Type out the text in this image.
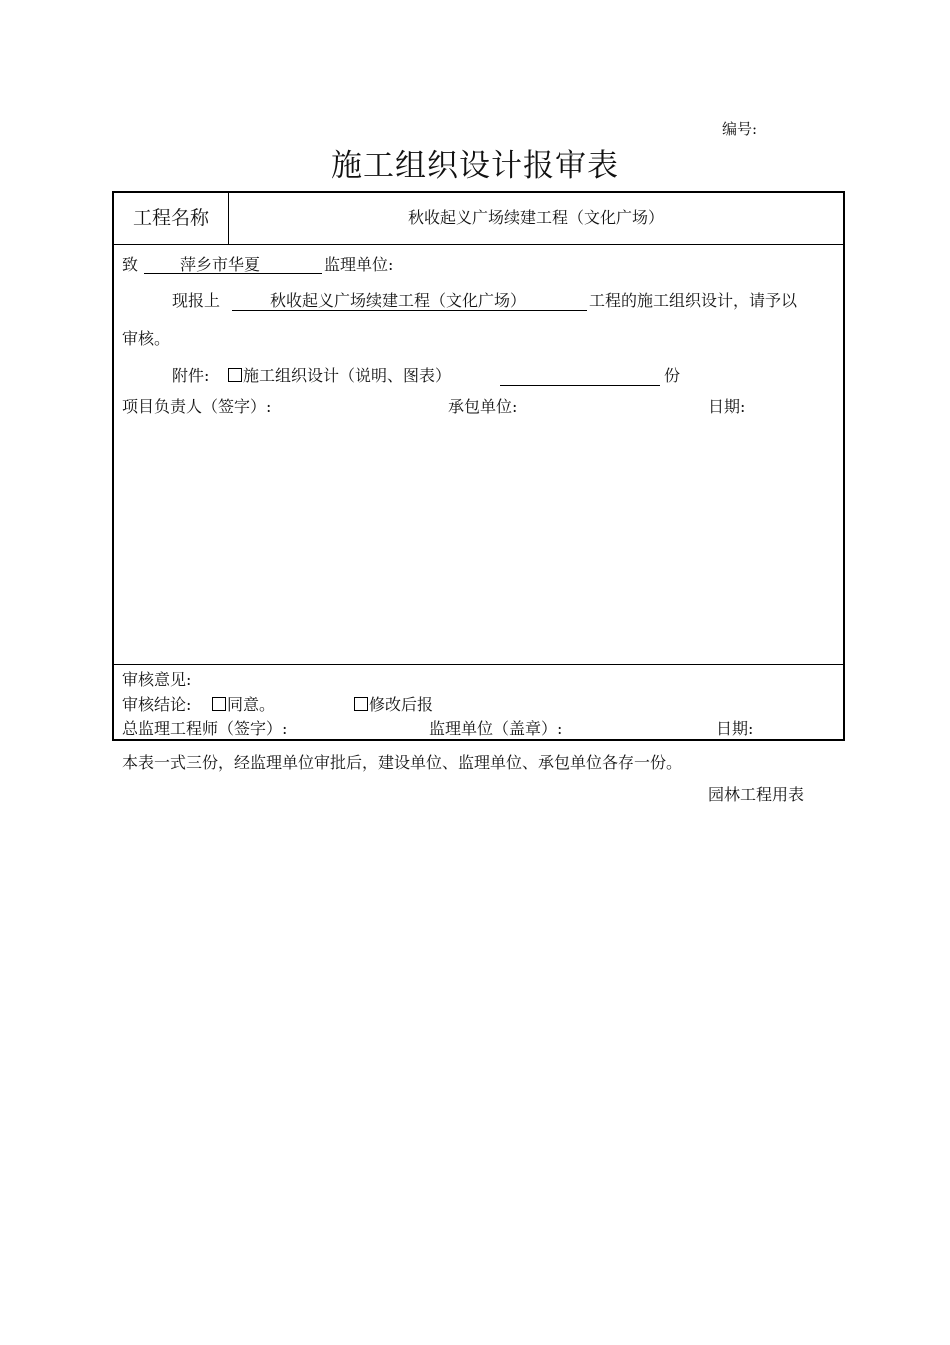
编号:
施工组织设计报审表
工程名称	秋收起义广场续建工程（文化广场）
致	萍乡市华夏	监理单位:
现报上	秋收起义广场续建工程（文化广场）	工程的施工组织设计，请予以
审核。
附件:	施工组织设计（说明、图表）	份
项目负责人（签字）:	承包单位:	日期:
审核意见:
审核结论:	同意。	修改后报
总监理工程师（签字）:	监理单位（盖章）:	日期:
本表一式三份，经监理单位审批后，建设单位、监理单位、承包单位各存一份。
园林工程用表
